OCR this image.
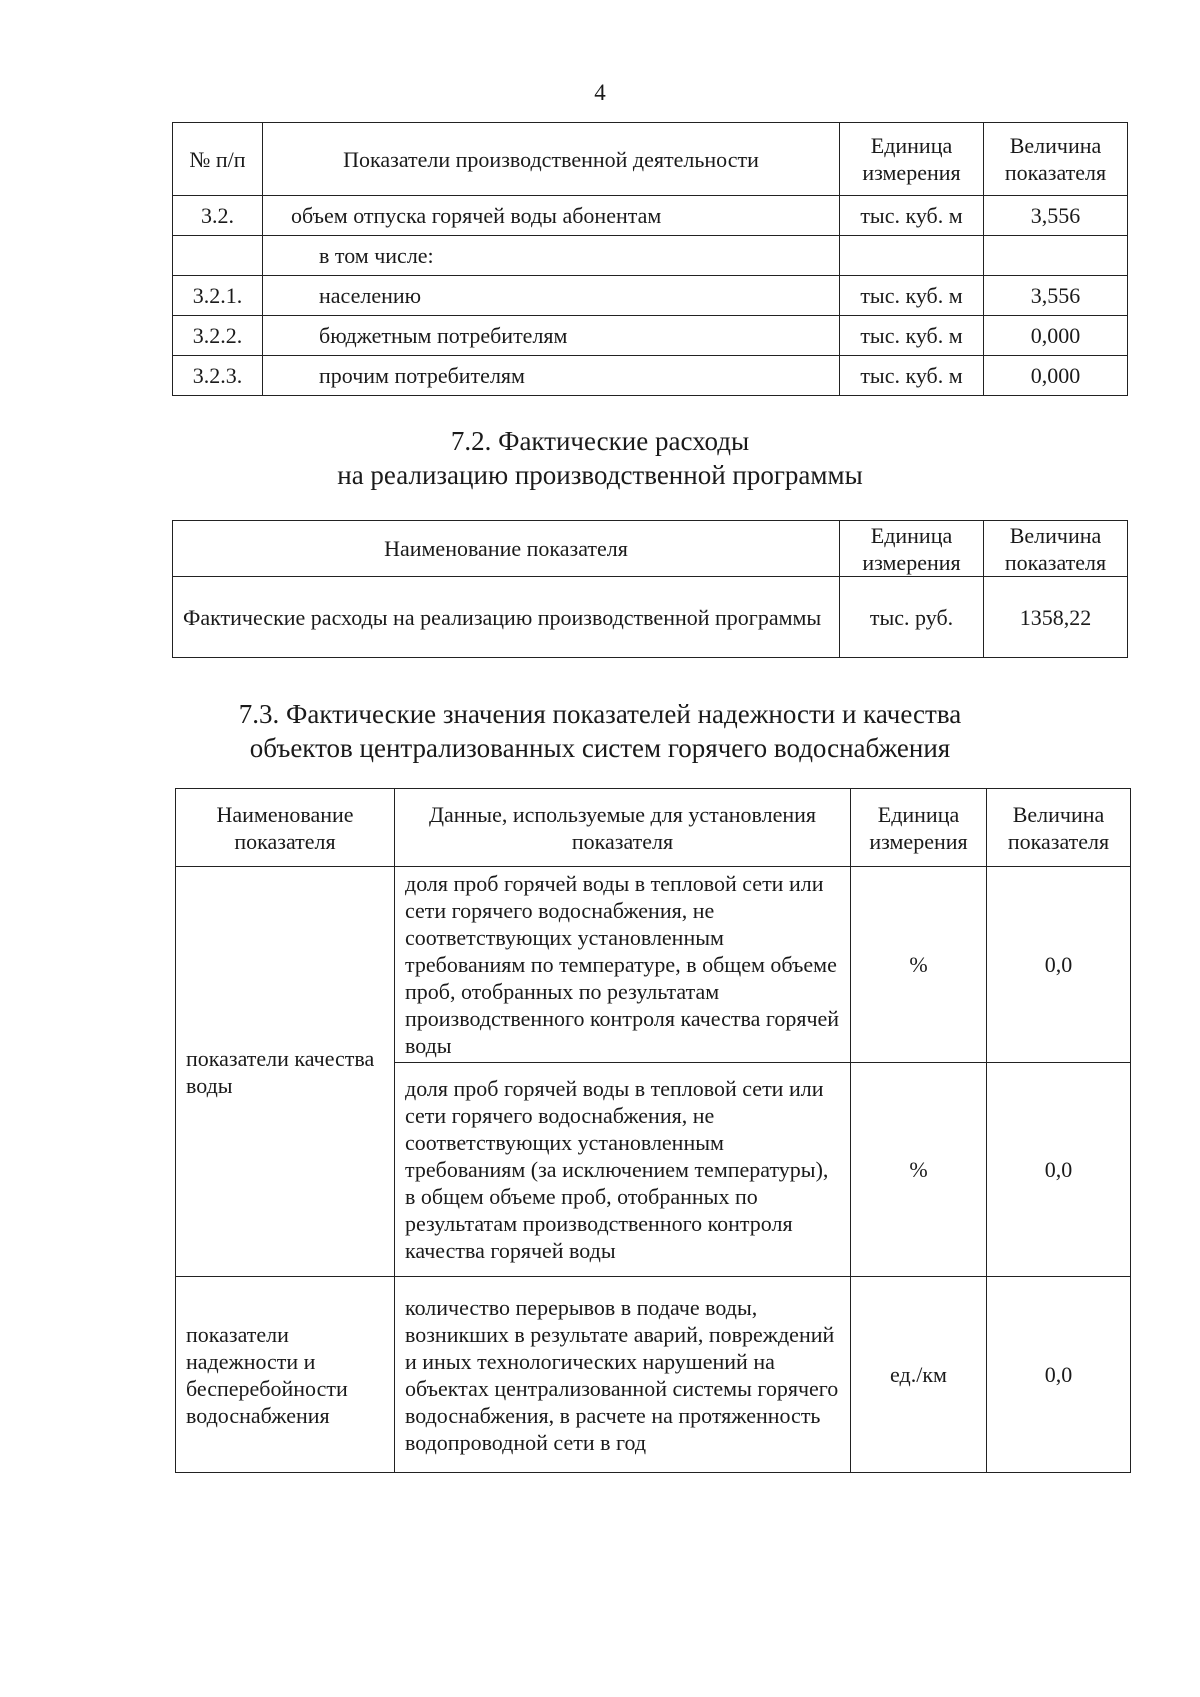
4
№ п/п	Показатели производственной деятельности	Единица измерения	Величина показателя
3.2.	объем отпуска горячей воды абонентам	тыс. куб. м	3,556
	в том числе:		
3.2.1.	населению	тыс. куб. м	3,556
3.2.2.	бюджетным потребителям	тыс. куб. м	0,000
3.2.3.	прочим потребителям	тыс. куб. м	0,000
7.2. Фактические расходы
на реализацию производственной программы
Наименование показателя	Единица измерения	Величина показателя
Фактические расходы на реализацию производственной программы	тыс. руб.	1358,22
7.3. Фактические значения показателей надежности и качества
объектов централизованных систем горячего водоснабжения
Наименование показателя	Данные, используемые для установления показателя	Единица измерения	Величина показателя
показатели качества воды	доля проб горячей воды в тепловой сети или сети горячего водоснабжения, не соответствующих установленным требованиям по температуре, в общем объеме проб, отобранных по результатам производственного контроля качества горячей воды	%	0,0
	доля проб горячей воды в тепловой сети или сети горячего водоснабжения, не соответствующих установленным требованиям (за исключением температуры), в общем объеме проб, отобранных по результатам производственного контроля качества горячей воды	%	0,0
показатели надежности и бесперебойности водоснабжения	количество перерывов в подаче воды, возникших в результате аварий, повреждений и иных технологических нарушений на объектах централизованной системы горячего водоснабжения, в расчете на протяженность водопроводной сети в год	ед./км	0,0
